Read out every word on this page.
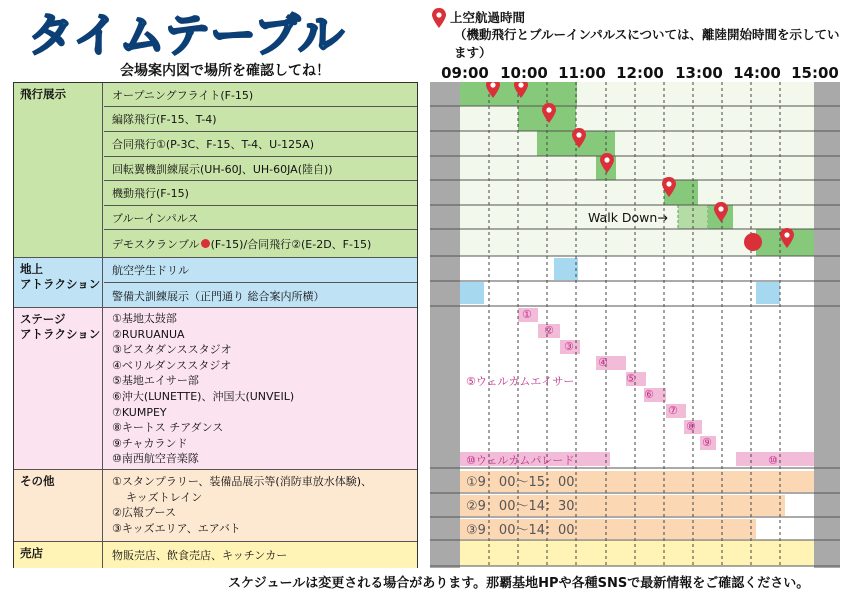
タイムテーブル
会場案内図で場所を確認してね！
上空航過時間
（機動飛行とブルーインパルスについては、離陸開始時間を示しています）
09:00 10:00 11:00 12:00 13:00 14:00 15:00
飛行展示	オープニングフライト(F-15)
編隊飛行(F-15、T-4)
合同飛行①(P-3C、F-15、T-4、U-125A)
回転翼機訓練展示(UH-60J、UH-60JA(陸自))
機動飛行(F-15)
ブルーインパルス
デモスクランブル (F-15)/合同飛行②(E-2D、F-15)
地上
アトラクション
航空学生ドリル
警備犬訓練展示（正門通り 総合案内所横）
ステージ
アトラクション
①基地太鼓部
②RURUANUA
③ビスタダンススタジオ
④ベリルダンススタジオ
⑤基地エイサー部
⑥沖大(LUNETTE)、沖国大(UNVEIL)
⑦KUMPEY
⑧キートス チアダンス
⑨チャカランド
⑩南西航空音楽隊
その他	①スタンプラリー、装備品展示等(消防車放水体験)、
キッズトレイン
②広報ブース
③キッズエリア、エアバト
売店	物販売店、飲食売店、キッチンカー
Walk Down→
⑤ウェルカムエイサー
⑩ウェルカムパレード	⑩
①9：00〜15：00
②9：00〜14：30
③9：00〜14：00
①
②
③
④
⑤
⑥
⑦
⑧
⑨
スケジュールは変更される場合があります。那覇基地HPや各種SNSで最新情報をご確認ください。
